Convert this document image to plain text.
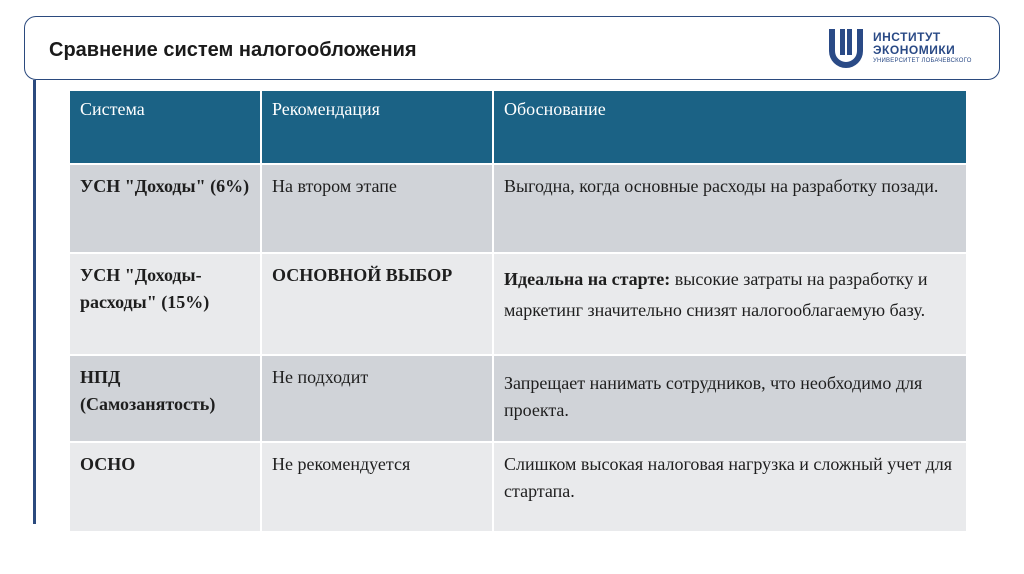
Сравнение систем налогообложения
ИНСТИТУТ
ЭКОНОМИКИ
УНИВЕРСИТЕТ ЛОБАЧЕВСКОГО
Система	Рекомендация	Обоснование
УСН "Доходы" (6%)	На втором этапе	Выгодна, когда основные расходы на разработку позади.
УСН "Доходы-расходы" (15%)	ОСНОВНОЙ ВЫБОР	Идеальна на старте: высокие затраты на разработку и маркетинг значительно снизят налогооблагаемую базу.
НПД (Самозанятость)	Не подходит	Запрещает нанимать сотрудников, что необходимо для проекта.
ОСНО	Не рекомендуется	Слишком высокая налоговая нагрузка и сложный учет для стартапа.
